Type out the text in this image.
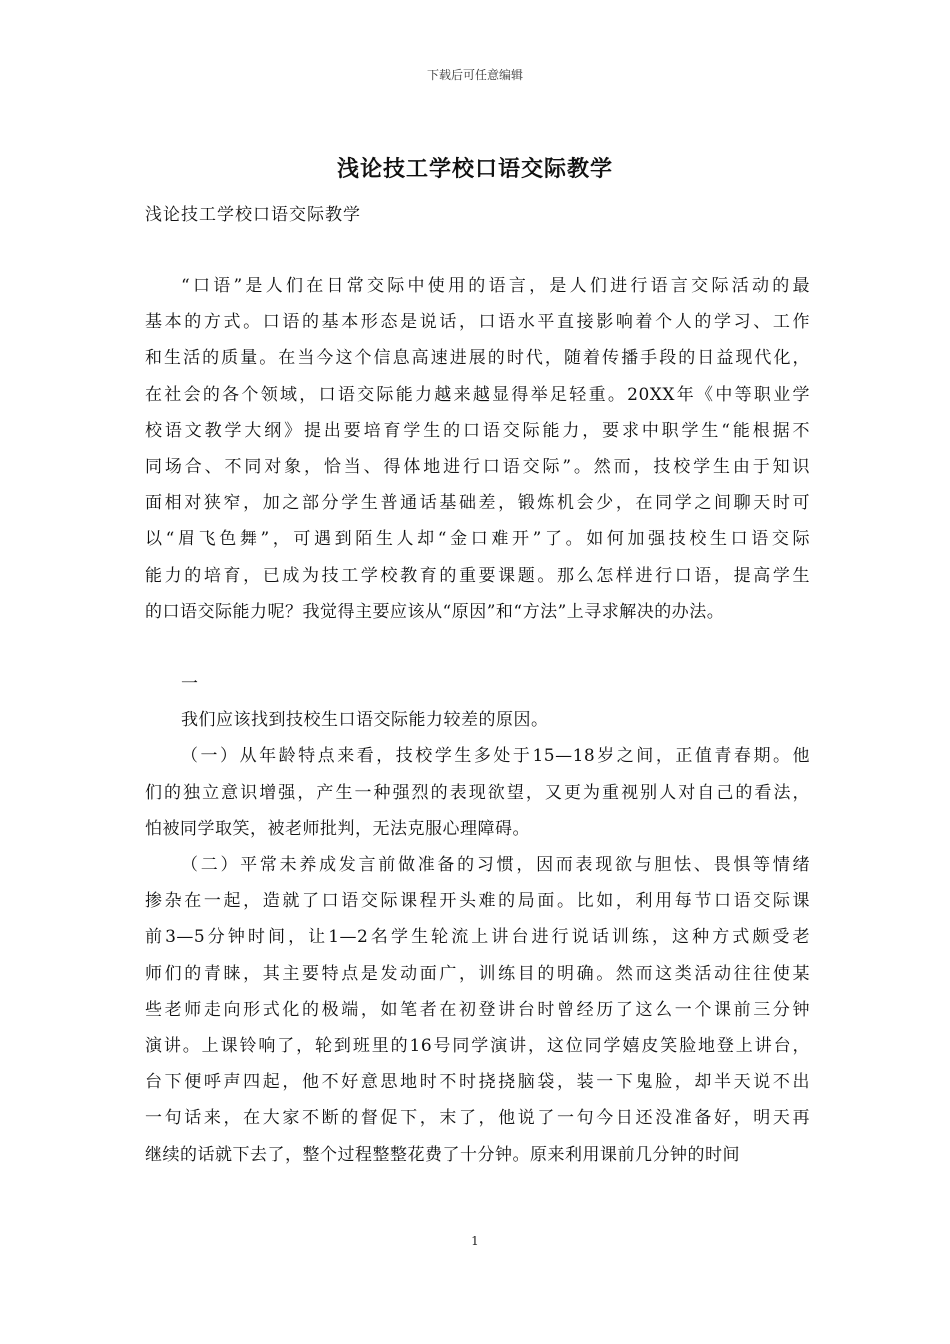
下载后可任意编辑
浅论技工学校口语交际教学
浅论技工学校口语交际教学
“口语”是人们在日常交际中使用的语言，是人们进行语言交际活动的最
基本的方式。口语的基本形态是说话，口语水平直接影响着个人的学习、工作
和生活的质量。在当今这个信息高速进展的时代，随着传播手段的日益现代化，
在社会的各个领域，口语交际能力越来越显得举足轻重。20XX年《中等职业学
校语文教学大纲》提出要培育学生的口语交际能力，要求中职学生“能根据不
同场合、不同对象，恰当、得体地进行口语交际”。然而，技校学生由于知识
面相对狭窄，加之部分学生普通话基础差，锻炼机会少，在同学之间聊天时可
以“眉飞色舞”，可遇到陌生人却“金口难开”了。如何加强技校生口语交际
能力的培育，已成为技工学校教育的重要课题。那么怎样进行口语，提高学生
的口语交际能力呢？我觉得主要应该从“原因”和“方法”上寻求解决的办法。
一
我们应该找到技校生口语交际能力较差的原因。
（一）从年龄特点来看，技校学生多处于15—18岁之间，正值青春期。他
们的独立意识增强，产生一种强烈的表现欲望，又更为重视别人对自己的看法，
怕被同学取笑，被老师批判，无法克服心理障碍。
（二）平常未养成发言前做准备的习惯，因而表现欲与胆怯、畏惧等情绪
掺杂在一起，造就了口语交际课程开头难的局面。比如，利用每节口语交际课
前3—5分钟时间，让1—2名学生轮流上讲台进行说话训练，这种方式颇受老
师们的青睐，其主要特点是发动面广，训练目的明确。然而这类活动往往使某
些老师走向形式化的极端，如笔者在初登讲台时曾经历了这么一个课前三分钟
演讲。上课铃响了，轮到班里的16号同学演讲，这位同学嬉皮笑脸地登上讲台，
台下便呼声四起，他不好意思地时不时挠挠脑袋，装一下鬼脸，却半天说不出
一句话来，在大家不断的督促下，末了，他说了一句今日还没准备好，明天再
继续的话就下去了，整个过程整整花费了十分钟。原来利用课前几分钟的时间
1
